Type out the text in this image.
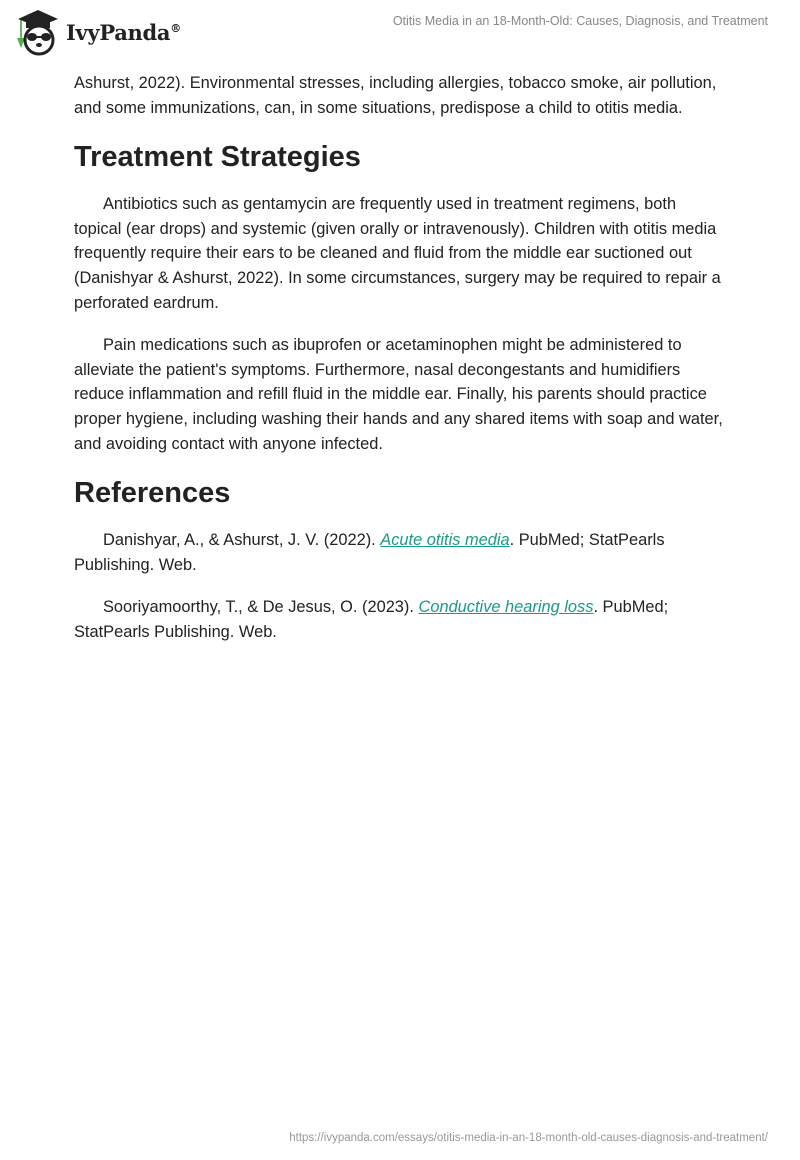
IvyPanda®	Otitis Media in an 18-Month-Old: Causes, Diagnosis, and Treatment

Ashurst, 2022). Environmental stresses, including allergies, tobacco smoke, air pollution, and some immunizations, can, in some situations, predispose a child to otitis media.

Treatment Strategies

Antibiotics such as gentamycin are frequently used in treatment regimens, both topical (ear drops) and systemic (given orally or intravenously). Children with otitis media frequently require their ears to be cleaned and fluid from the middle ear suctioned out (Danishyar & Ashurst, 2022). In some circumstances, surgery may be required to repair a perforated eardrum.

Pain medications such as ibuprofen or acetaminophen might be administered to alleviate the patient's symptoms. Furthermore, nasal decongestants and humidifiers reduce inflammation and refill fluid in the middle ear. Finally, his parents should practice proper hygiene, including washing their hands and any shared items with soap and water, and avoiding contact with anyone infected.

References

Danishyar, A., & Ashurst, J. V. (2022). Acute otitis media. PubMed; StatPearls Publishing. Web.

Sooriyamoorthy, T., & De Jesus, O. (2023). Conductive hearing loss. PubMed; StatPearls Publishing. Web.

https://ivypanda.com/essays/otitis-media-in-an-18-month-old-causes-diagnosis-and-treatment/
